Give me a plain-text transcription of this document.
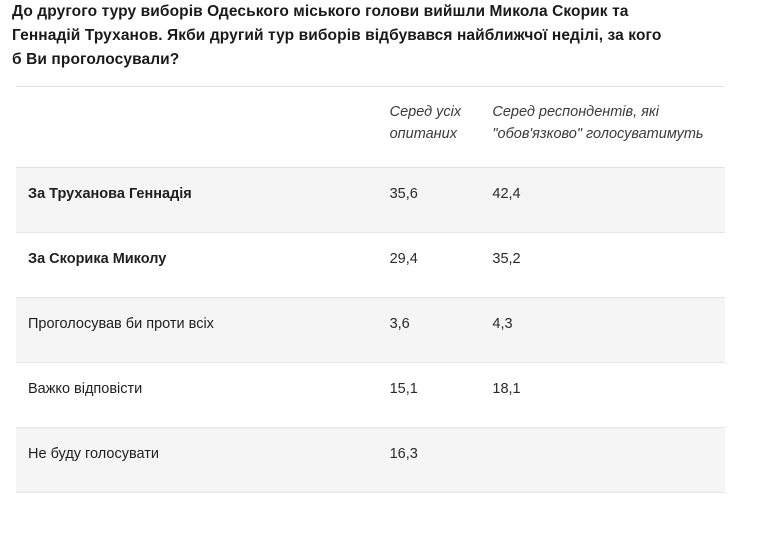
До другого туру виборів Одеського міського голови вийшли Микола Скорик та
Геннадій Труханов. Якби другий тур виборів відбувався найближчої неділі, за кого
б Ви проголосували?

	Серед усіх опитаних	Серед респондентів, які "обов'язково" голосуватимуть
За Труханова Геннадія	35,6	42,4
За Скорика Миколу	29,4	35,2
Проголосував би проти всіх	3,6	4,3
Важко відповісти	15,1	18,1
Не буду голосувати	16,3	
